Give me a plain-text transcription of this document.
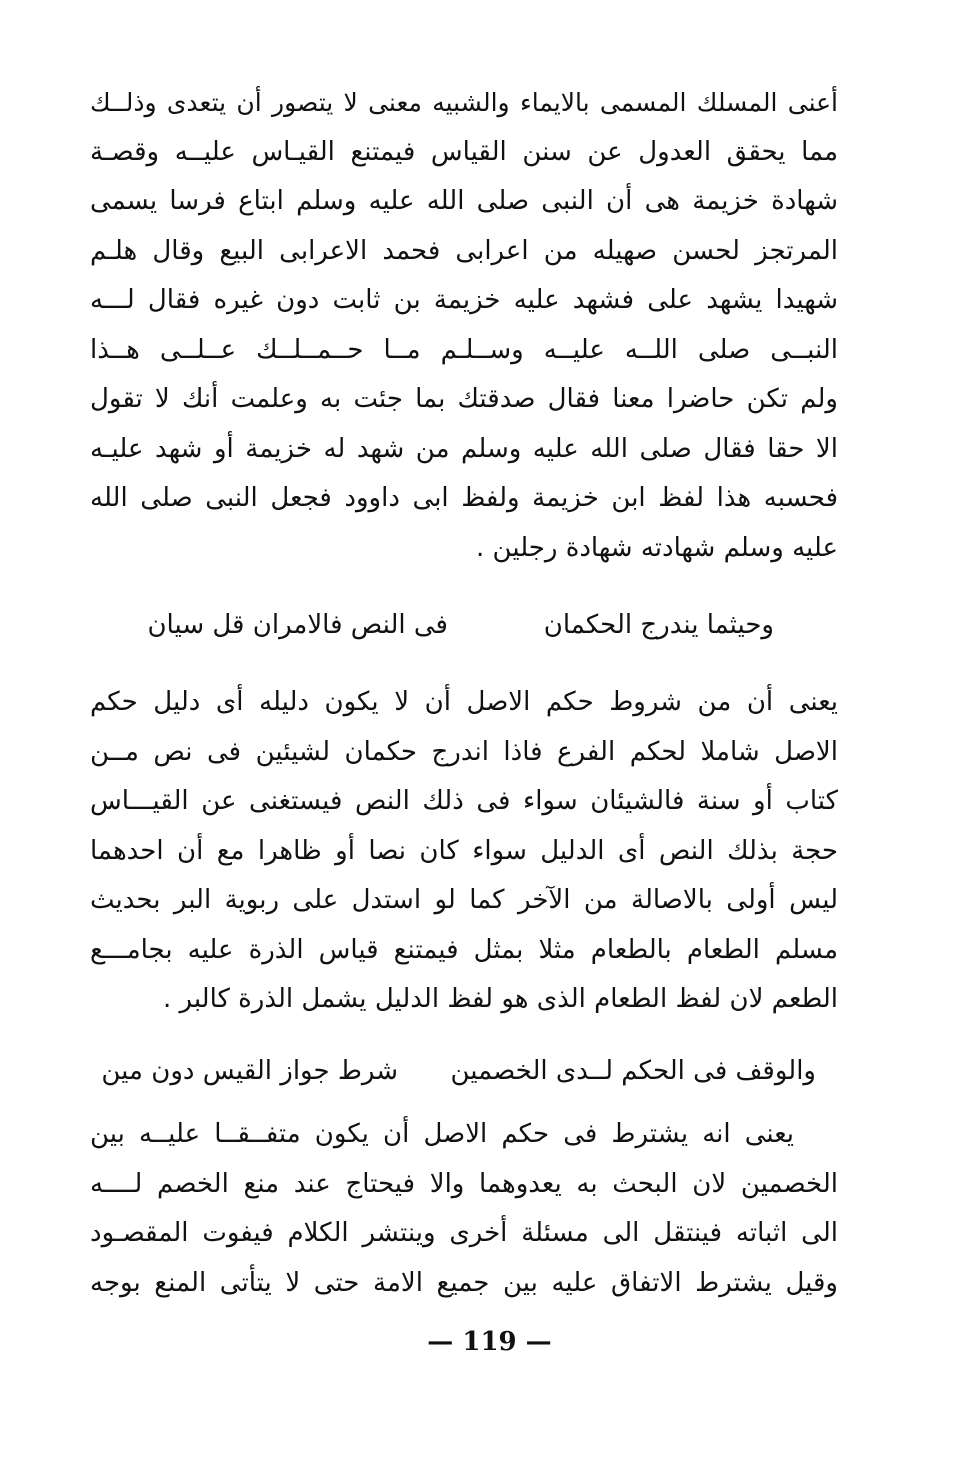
أعنى المسلك المسمى بالايماء والشبيه معنى لا يتصور أن يتعدى وذلــك
مما يحقق العدول عن سنن القياس فيمتنع القيـاس عليــه وقصـة
شهادة خزيمة هى أن النبى صلى الله عليه وسلم ابتاع فرسا يسمى
المرتجز لحسن صهيله من اعرابى فحمد الاعرابى البيع وقال هلـم
شهيدا يشهد على فشهد عليه خزيمة بن ثابت دون غيره فقال لـــه
النبــى صلى اللــه عليــه وســلـم مــا حــمــلــك عــلــى هــذا
ولم تكن حاضرا معنا فقال صدقتك بما جئت به وعلمت أنك لا تقول
الا حقا فقال صلى الله عليه وسلم من شهد له خزيمة أو شهد عليـه
فحسبه هذا لفظ ابن خزيمة ولفظ ابى داوود فجعل النبى صلى الله
عليه وسلم شهادته شهادة رجلين .
وحيثما يندرج الحكمان
فى النص فالامران قل سيان
يعنى أن من شروط حكم الاصل أن لا يكون دليله أى دليل حكم
الاصل شاملا لحكم الفرع فاذا اندرج حكمان لشيئين فى نص مــن
كتاب أو سنة فالشيئان سواء فى ذلك النص فيستغنى عن القيـــاس
حجة بذلك النص أى الدليل سواء كان نصا أو ظاهرا مع أن احدهما
ليس أولى بالاصالة من الآخر كما لو استدل على ربوية البر بحديث
مسلم الطعام بالطعام مثلا بمثل فيمتنع قياس الذرة عليه بجامـــع
الطعم لان لفظ الطعام الذى هو لفظ الدليل يشمل الذرة كالبر .
والوقف فى الحكم لــدى الخصمين
شرط جواز القيس دون مين
يعنى انه يشترط فى حكم الاصل أن يكون متفــقــا عليــه بين
الخصمين لان البحث به يعدوهما والا فيحتاج عند منع الخصم لــــه
الى اثباته فينتقل الى مسئلة أخرى وينتشر الكلام فيفوت المقصـود
وقيل يشترط الاتفاق عليه بين جميع الامة حتى لا يتأتى المنع بوجه
— 119 —
